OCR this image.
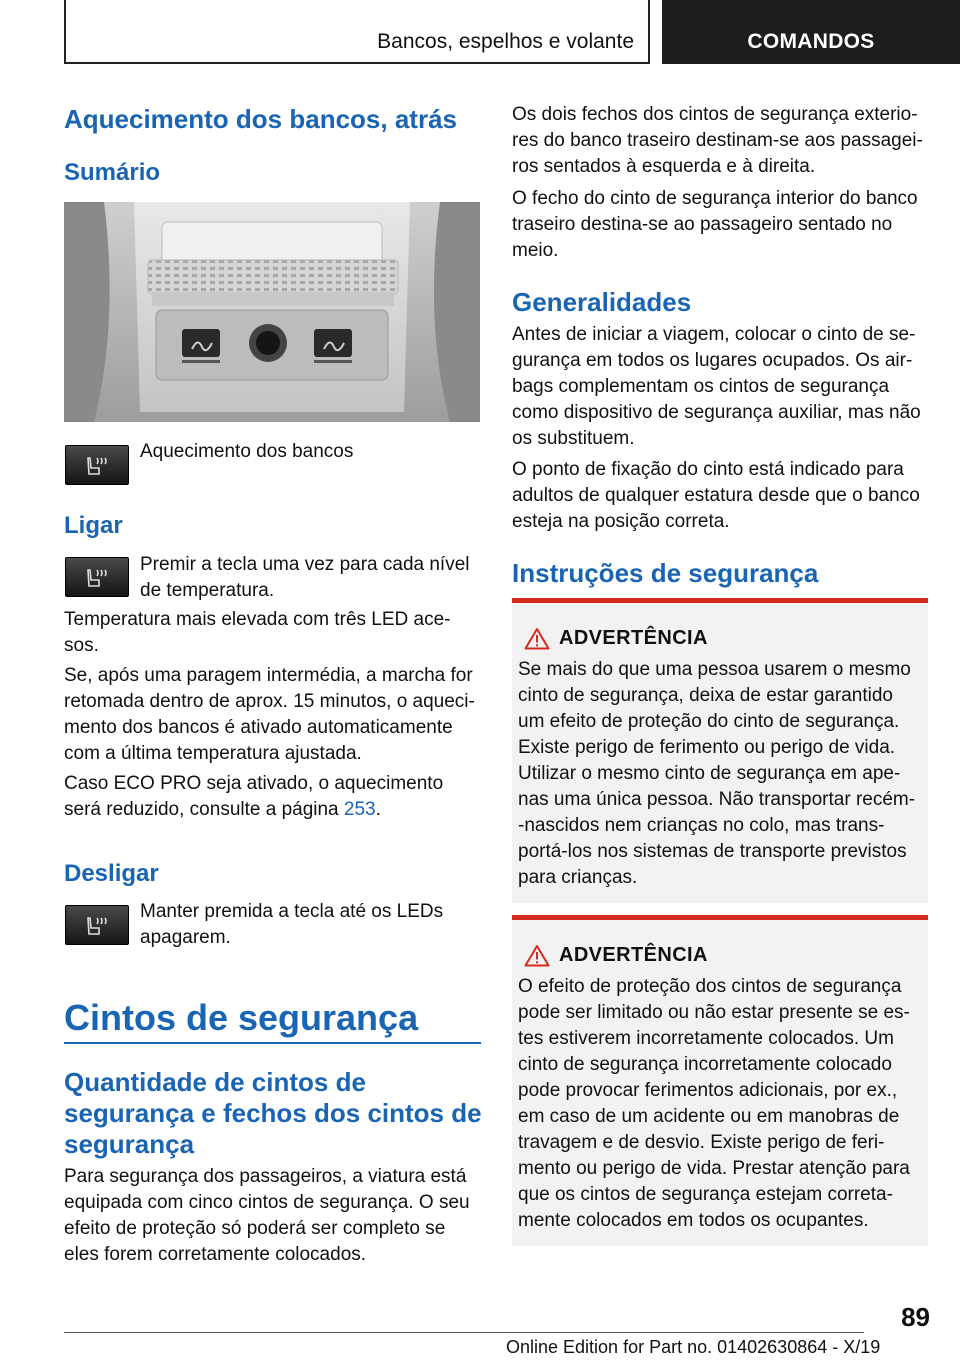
Bancos, espelhos e volante	COMANDOS
Aquecimento dos bancos, atrás
Sumário
Aquecimento dos bancos
Ligar
Premir a tecla uma vez para cada nível
de temperatura.
Temperatura mais elevada com três LED ace-
sos.
Se, após uma paragem intermédia, a marcha for
retomada dentro de aprox. 15 minutos, o aqueci-
mento dos bancos é ativado automaticamente
com a última temperatura ajustada.
Caso ECO PRO seja ativado, o aquecimento
será reduzido, consulte a página 253.
Desligar
Manter premida a tecla até os LEDs
apagarem.
Cintos de segurança
Quantidade de cintos de
segurança e fechos dos cintos de
segurança
Para segurança dos passageiros, a viatura está
equipada com cinco cintos de segurança. O seu
efeito de proteção só poderá ser completo se
eles forem corretamente colocados.
Os dois fechos dos cintos de segurança exterio-
res do banco traseiro destinam-se aos passagei-
ros sentados à esquerda e à direita.
O fecho do cinto de segurança interior do banco
traseiro destina-se ao passageiro sentado no
meio.
Generalidades
Antes de iniciar a viagem, colocar o cinto de se-
gurança em todos os lugares ocupados. Os air-
bags complementam os cintos de segurança
como dispositivo de segurança auxiliar, mas não
os substituem.
O ponto de fixação do cinto está indicado para
adultos de qualquer estatura desde que o banco
esteja na posição correta.
Instruções de segurança
ADVERTÊNCIA
Se mais do que uma pessoa usarem o mesmo
cinto de segurança, deixa de estar garantido
um efeito de proteção do cinto de segurança.
Existe perigo de ferimento ou perigo de vida.
Utilizar o mesmo cinto de segurança em ape-
nas uma única pessoa. Não transportar recém-
-nascidos nem crianças no colo, mas trans-
portá-los nos sistemas de transporte previstos
para crianças.
ADVERTÊNCIA
O efeito de proteção dos cintos de segurança
pode ser limitado ou não estar presente se es-
tes estiverem incorretamente colocados. Um
cinto de segurança incorretamente colocado
pode provocar ferimentos adicionais, por ex.,
em caso de um acidente ou em manobras de
travagem e de desvio. Existe perigo de feri-
mento ou perigo de vida. Prestar atenção para
que os cintos de segurança estejam correta-
mente colocados em todos os ocupantes.
89
Online Edition for Part no. 01402630864 - X/19
